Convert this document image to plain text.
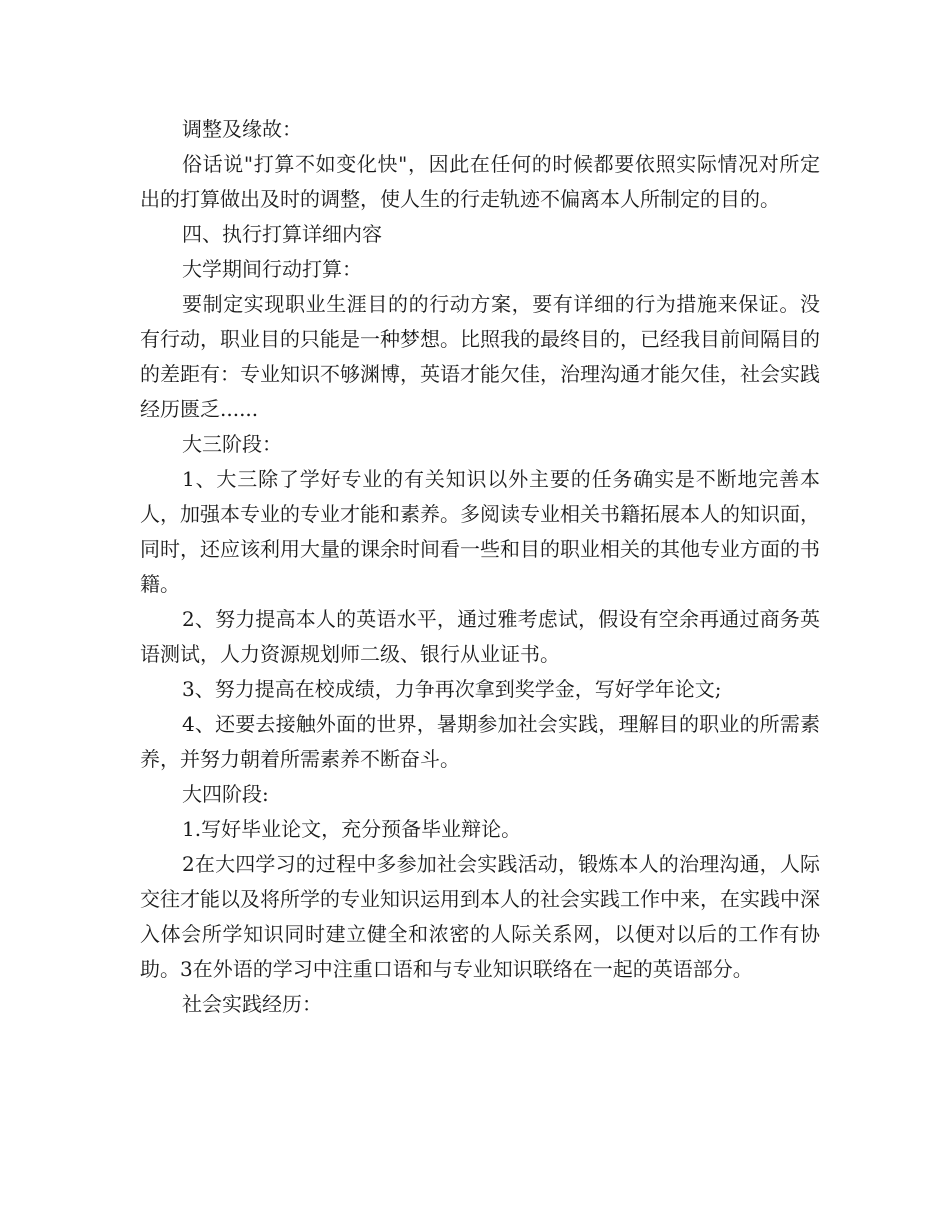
调整及缘故：

俗话说"打算不如变化快"，因此在任何的时候都要依照实际情况对所定出的打算做出及时的调整，使人生的行走轨迹不偏离本人所制定的目的。

四、执行打算详细内容

大学期间行动打算：

要制定实现职业生涯目的的行动方案，要有详细的行为措施来保证。没有行动，职业目的只能是一种梦想。比照我的最终目的，已经我目前间隔目的的差距有：专业知识不够渊博，英语才能欠佳，治理沟通才能欠佳，社会实践经历匮乏......

大三阶段：

1、大三除了学好专业的有关知识以外主要的任务确实是不断地完善本人，加强本专业的专业才能和素养。多阅读专业相关书籍拓展本人的知识面，同时，还应该利用大量的课余时间看一些和目的职业相关的其他专业方面的书籍。

2、努力提高本人的英语水平，通过雅考虑试，假设有空余再通过商务英语测试，人力资源规划师二级、银行从业证书。

3、努力提高在校成绩，力争再次拿到奖学金，写好学年论文;

4、还要去接触外面的世界，暑期参加社会实践，理解目的职业的所需素养，并努力朝着所需素养不断奋斗。

大四阶段:

1.写好毕业论文，充分预备毕业辩论。

2在大四学习的过程中多参加社会实践活动，锻炼本人的治理沟通，人际交往才能以及将所学的专业知识运用到本人的社会实践工作中来，在实践中深入体会所学知识同时建立健全和浓密的人际关系网，以便对以后的工作有协助。3在外语的学习中注重口语和与专业知识联络在一起的英语部分。

社会实践经历：
